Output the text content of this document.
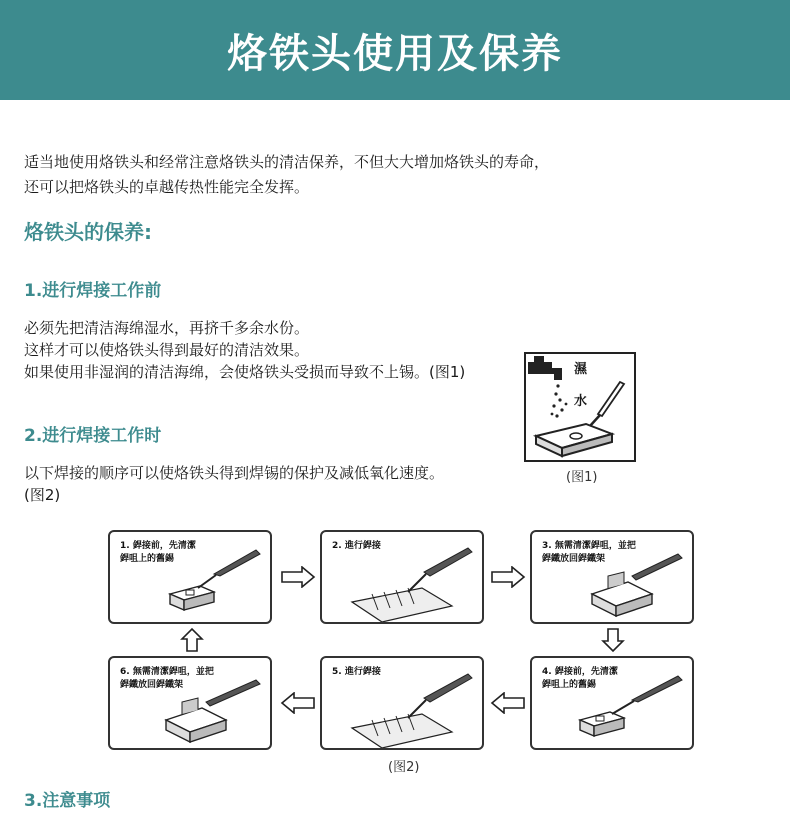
烙铁头使用及保养
适当地使用烙铁头和经常注意烙铁头的清洁保养，不但大大增加烙铁头的寿命，
还可以把烙铁头的卓越传热性能完全发挥。
烙铁头的保养:
1.进行焊接工作前
必须先把清洁海绵湿水，再挤千多余水份。
这样才可以使烙铁头得到最好的清洁效果。
如果使用非湿润的清洁海绵，会使烙铁头受损而导致不上锡。(图1)	濕
水
(图1)
2.进行焊接工作时
以下焊接的顺序可以使烙铁头得到焊锡的保护及减低氧化速度。
(图2)
1. 銲接前，先清潔
銲咀上的舊錫
2. 進行銲接	3. 無需清潔銲咀，並把
銲鐵放回銲鐵架
4. 銲接前，先清潔
銲咀上的舊錫
5. 進行銲接
6. 無需清潔銲咀，並把
銲鐵放回銲鐵架
(图2)
3.注意事项
